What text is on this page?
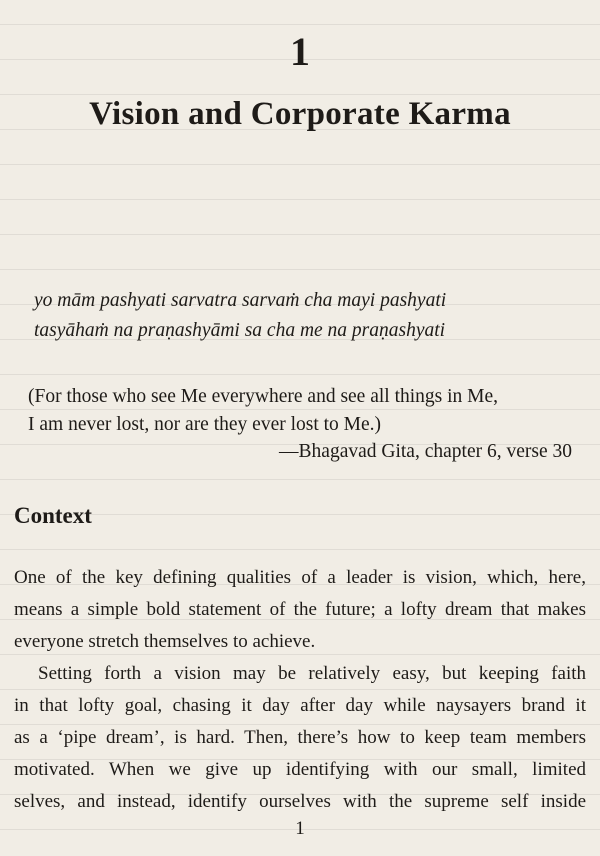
1
Vision and Corporate Karma
yo mām pashyati sarvatra sarvaṁ cha mayi pashyati
tasyāhaṁ na praṇashyāmi sa cha me na praṇashyati
(For those who see Me everywhere and see all things in Me,
I am never lost, nor are they ever lost to Me.)
—Bhagavad Gita, chapter 6, verse 30
Context
One of the key defining qualities of a leader is vision, which, here,
means a simple bold statement of the future; a lofty dream that makes
everyone stretch themselves to achieve.
Setting forth a vision may be relatively easy, but keeping faith
in that lofty goal, chasing it day after day while naysayers brand it
as a ‘pipe dream’, is hard. Then, there’s how to keep team members
motivated. When we give up identifying with our small, limited
selves, and instead, identify ourselves with the supreme self inside
1
